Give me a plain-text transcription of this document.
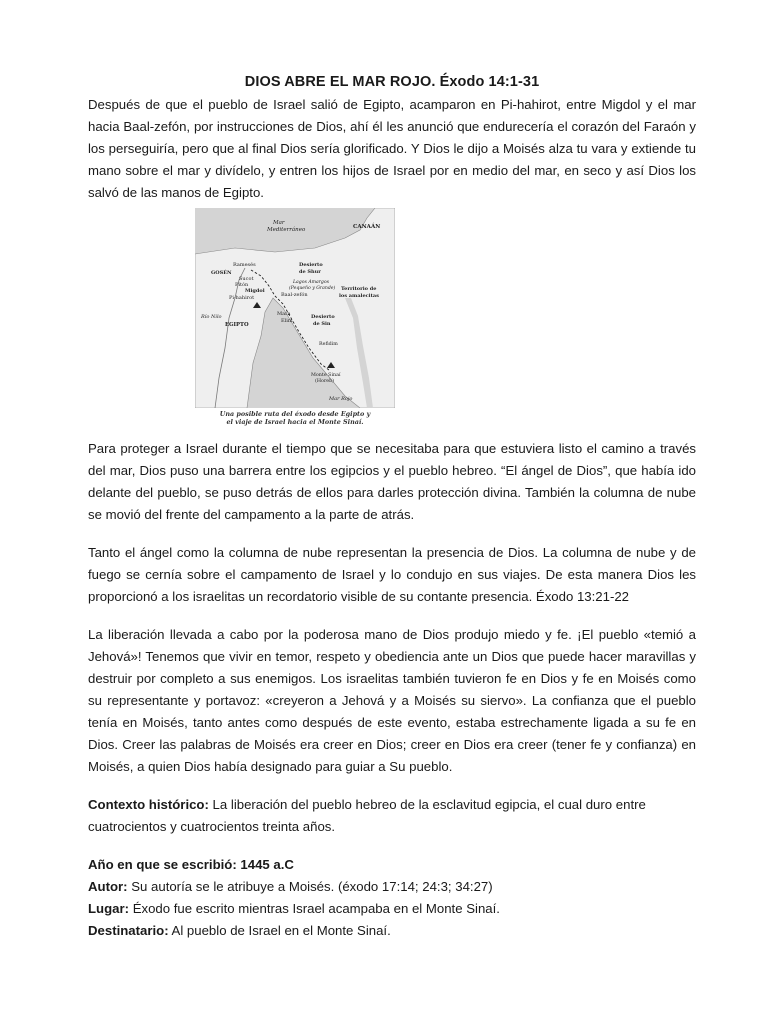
DIOS ABRE EL MAR ROJO. Éxodo 14:1-31

Después de que el pueblo de Israel salió de Egipto, acamparon en Pi-hahirot, entre Migdol y el mar hacia Baal-zefón, por instrucciones de Dios, ahí él les anunció que endurecería el corazón del Faraón y los perseguiría, pero que al final Dios sería glorificado. Y Dios le dijo a Moisés alza tu vara y extiende tu mano sobre el mar y divídelo, y entren los hijos de Israel por en medio del mar, en seco y así Dios los salvó de las manos de Egipto.

Mar
Mediterráneo	CANAÁN
Ramesés
GOSÉN
Sucot
Pitón
Migdol
Pi-hahirot	Baal-zefón
Desierto
de Shur
Lagos Amargos
(Pequeño y Grande) Territorio de
los amalecitas
Río Nilo
EGIPTO
Mara
Elim
Desierto
de Sin
Refidim
Monte Sinaí
(Horeb)
Mar Rojo
Una posible ruta del éxodo desde Egipto y
el viaje de Israel hacia el Monte Sinaí.

Para proteger a Israel durante el tiempo que se necesitaba para que estuviera listo el camino a través del mar, Dios puso una barrera entre los egipcios y el pueblo hebreo. “El ángel de Dios”, que había ido delante del pueblo, se puso detrás de ellos para darles protección divina. También la columna de nube se movió del frente del campamento a la parte de atrás.

Tanto el ángel como la columna de nube representan la presencia de Dios. La columna de nube y de fuego se cernía sobre el campamento de Israel y lo condujo en sus viajes. De esta manera Dios les proporcionó a los israelitas un recordatorio visible de su contante presencia. Éxodo 13:21-22

La liberación llevada a cabo por la poderosa mano de Dios produjo miedo y fe. ¡El pueblo «temió a Jehová»! Tenemos que vivir en temor, respeto y obediencia ante un Dios que puede hacer maravillas y destruir por completo a sus enemigos. Los israelitas también tuvieron fe en Dios y fe en Moisés como su representante y portavoz: «creyeron a Jehová y a Moisés su siervo». La confianza que el pueblo tenía en Moisés, tanto antes como después de este evento, estaba estrechamente ligada a su fe en Dios. Creer las palabras de Moisés era creer en Dios; creer en Dios era creer (tener fe y confianza) en Moisés, a quien Dios había designado para guiar a Su pueblo.

Contexto histórico: La liberación del pueblo hebreo de la esclavitud egipcia, el cual duro entre cuatrocientos y cuatrocientos treinta años.
Año en que se escribió: 1445 a.C
Autor: Su autoría se le atribuye a Moisés. (éxodo 17:14; 24:3; 34:27)
Lugar: Éxodo fue escrito mientras Israel acampaba en el Monte Sinaí.
Destinatario: Al pueblo de Israel en el Monte Sinaí.
